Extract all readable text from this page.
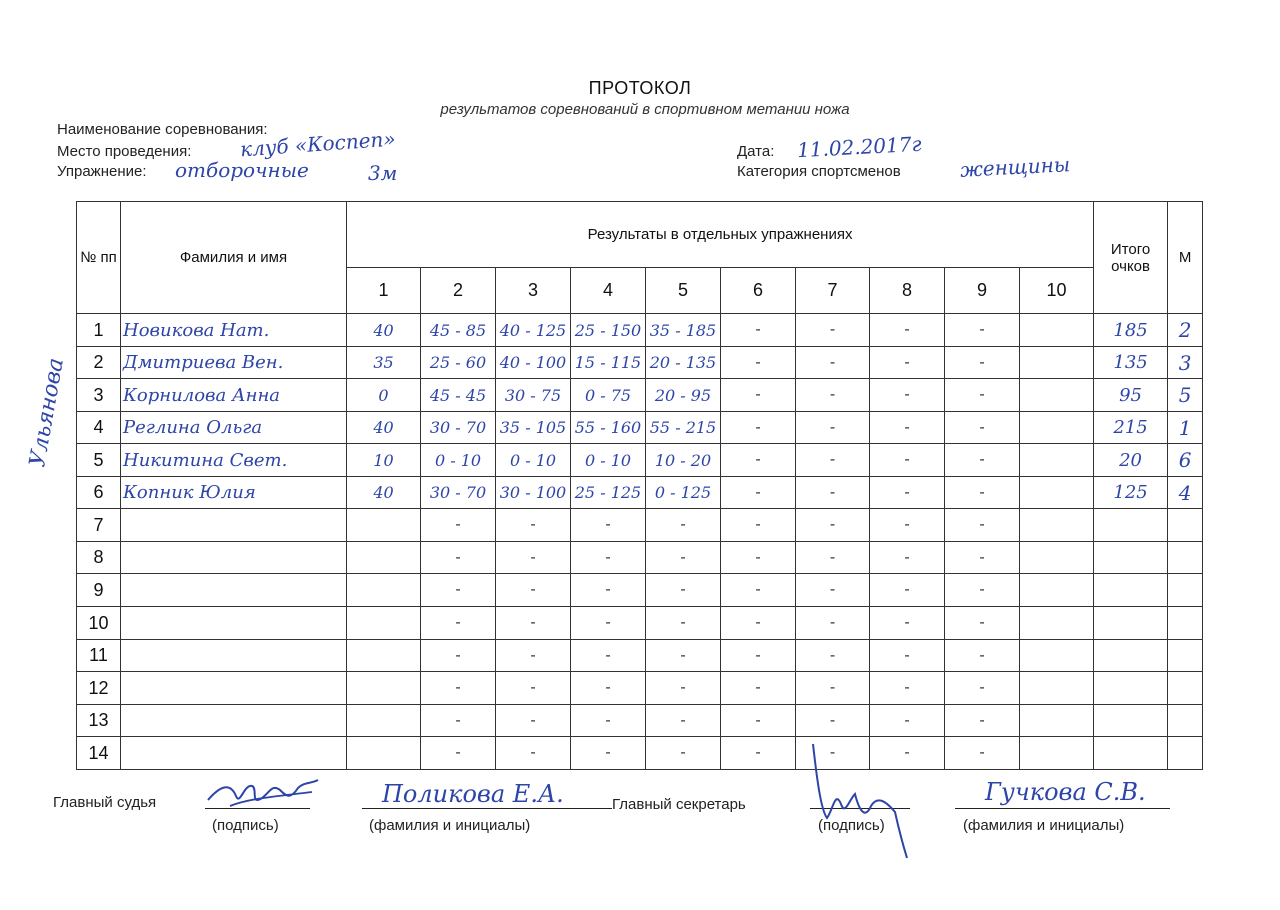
ПРОТОКОЛ
результатов соревнований в спортивном метании ножа
Наименование соревнования:
Место проведения: клуб «Коспеп»
Упражнение: отборочные	3м
Дата: 11.02.2017г
Категория спортсменов	женщины
Ульянова
№ пп	Фамилия и имя	Результаты в отдельных упражнениях										Итого очков	М
		1	2	3	4	5	6	7	8	9	10		
1	Новикова Нат.	40	45 - 85	40 - 125	25 - 150	35 - 185	-	-	-	-		185	2
2	Дмитриева Вен.	35	25 - 60	40 - 100	15 - 115	20 - 135	-	-	-	-		135	3
3	Корнилова Анна	0	45 - 45	30 - 75	0 - 75	20 - 95	-	-	-	-		95	5
4	Реглина Ольга	40	30 - 70	35 - 105	55 - 160	55 - 215	-	-	-	-		215	1
5	Никитина Свет.	10	0 - 10	0 - 10	0 - 10	10 - 20	-	-	-	-		20	6
6	Копник Юлия	40	30 - 70	30 - 100	25 - 125	0 - 125	-	-	-	-		125	4
7			-	-	-	-	-	-	-	-			
8			-	-	-	-	-	-	-	-			
9			-	-	-	-	-	-	-	-			
10			-	-	-	-	-	-	-	-			
11			-	-	-	-	-	-	-	-			
12			-	-	-	-	-	-	-	-			
13			-	-	-	-	-	-	-	-			
14			-	-	-	-	-	-	-	-			
Главный судья
(подпись)
Поликова Е.А.
(фамилия и инициалы)
Главный секретарь
(подпись)
Гучкова С.В.
(фамилия и инициалы)
